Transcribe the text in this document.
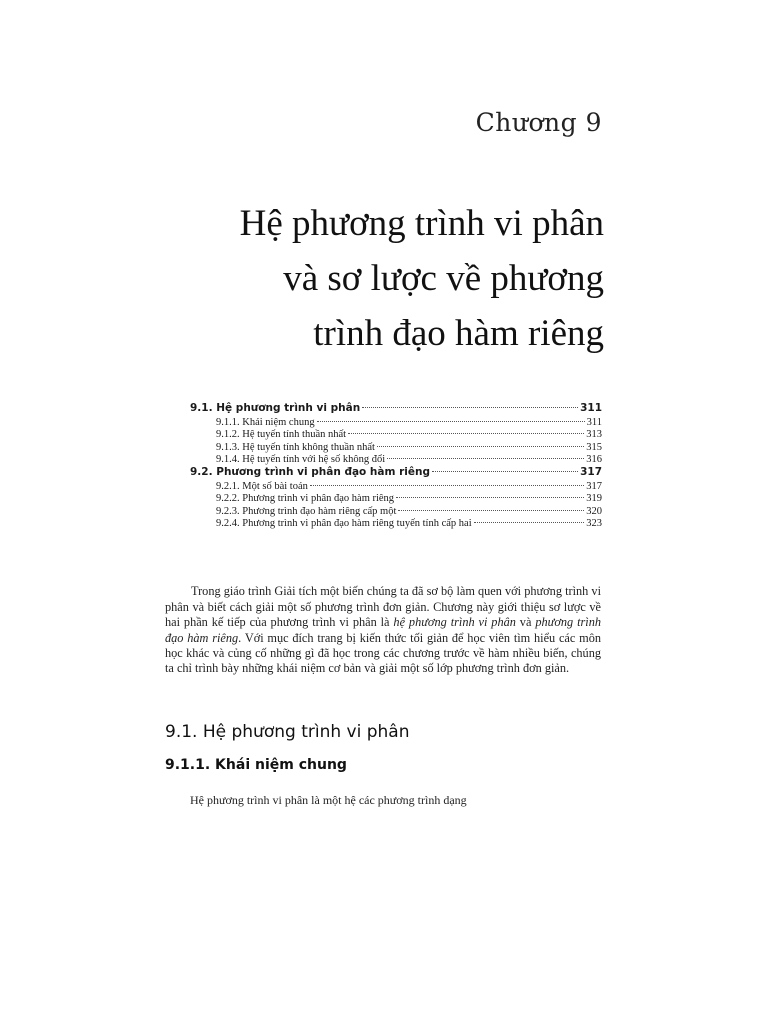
Chương 9
Hệ phương trình vi phân
và sơ lược về phương
trình đạo hàm riêng
9.1. Hệ phương trình vi phân	311
9.1.1. Khái niệm chung	311
9.1.2. Hệ tuyến tính thuần nhất	313
9.1.3. Hệ tuyến tính không thuần nhất	315
9.1.4. Hệ tuyến tính với hệ số không đổi	316
9.2. Phương trình vi phân đạo hàm riêng	317
9.2.1. Một số bài toán	317
9.2.2. Phương trình vi phân đạo hàm riêng	319
9.2.3. Phương trình đạo hàm riêng cấp một	320
9.2.4. Phương trình vi phân đạo hàm riêng tuyến tính cấp hai	323

Trong giáo trình Giải tích một biến chúng ta đã sơ bộ làm quen với phương trình vi phân và biết cách giải một số phương trình đơn giản. Chương này giới thiệu sơ lược về hai phần kế tiếp của phương trình vi phân là hệ phương trình vi phân và phương trình đạo hàm riêng. Với mục đích trang bị kiến thức tối giản để học viên tìm hiểu các môn học khác và củng cố những gì đã học trong các chương trước về hàm nhiều biến, chúng ta chỉ trình bày những khái niệm cơ bản và giải một số lớp phương trình đơn giản.

9.1. Hệ phương trình vi phân
9.1.1. Khái niệm chung
Hệ phương trình vi phân là một hệ các phương trình dạng
